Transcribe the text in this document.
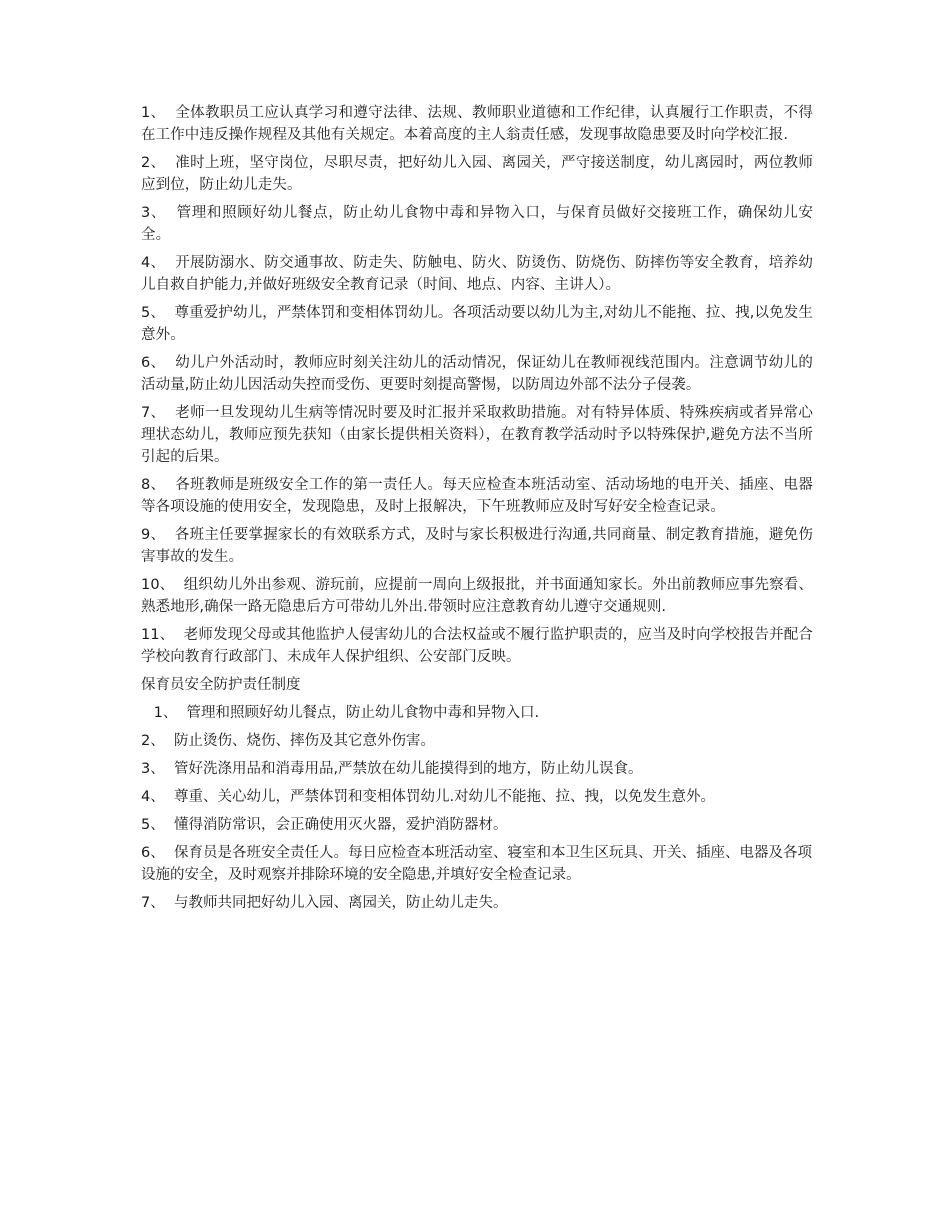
1、  全体教职员工应认真学习和遵守法律、法规、教师职业道德和工作纪律，认真履行工作职责，不得在工作中违反操作规程及其他有关规定。本着高度的主人翁责任感，发现事故隐患要及时向学校汇报.

2、  准时上班，坚守岗位，尽职尽责，把好幼儿入园、离园关，严守接送制度，幼儿离园时，两位教师应到位，防止幼儿走失。

3、  管理和照顾好幼儿餐点，防止幼儿食物中毒和异物入口，与保育员做好交接班工作，确保幼儿安全。

4、  开展防溺水、防交通事故、防走失、防触电、防火、防烫伤、防烧伤、防摔伤等安全教育，培养幼儿自救自护能力,并做好班级安全教育记录（时间、地点、内容、主讲人）。

5、  尊重爱护幼儿，严禁体罚和变相体罚幼儿。各项活动要以幼儿为主,对幼儿不能拖、拉、拽,以免发生意外。

6、  幼儿户外活动时，教师应时刻关注幼儿的活动情况，保证幼儿在教师视线范围内。注意调节幼儿的活动量,防止幼儿因活动失控而受伤、更要时刻提高警惕，以防周边外部不法分子侵袭。

7、  老师一旦发现幼儿生病等情况时要及时汇报并采取救助措施。对有特异体质、特殊疾病或者异常心理状态幼儿，教师应预先获知（由家长提供相关资料），在教育教学活动时予以特殊保护,避免方法不当所引起的后果。

8、  各班教师是班级安全工作的第一责任人。每天应检查本班活动室、活动场地的电开关、插座、电器等各项设施的使用安全，发现隐患，及时上报解决，下午班教师应及时写好安全检查记录。

9、  各班主任要掌握家长的有效联系方式，及时与家长积极进行沟通,共同商量、制定教育措施，避免伤害事故的发生。

10、  组织幼儿外出参观、游玩前，应提前一周向上级报批，并书面通知家长。外出前教师应事先察看、熟悉地形,确保一路无隐患后方可带幼儿外出.带领时应注意教育幼儿遵守交通规则.

11、  老师发现父母或其他监护人侵害幼儿的合法权益或不履行监护职责的，应当及时向学校报告并配合学校向教育行政部门、未成年人保护组织、公安部门反映。

保育员安全防护责任制度

1、  管理和照顾好幼儿餐点，防止幼儿食物中毒和异物入口.

2、  防止烫伤、烧伤、摔伤及其它意外伤害。

3、  管好洗涤用品和消毒用品,严禁放在幼儿能摸得到的地方，防止幼儿误食。

4、  尊重、关心幼儿，严禁体罚和变相体罚幼儿.对幼儿不能拖、拉、拽，以免发生意外。

5、  懂得消防常识，会正确使用灭火器，爱护消防器材。

6、  保育员是各班安全责任人。每日应检查本班活动室、寝室和本卫生区玩具、开关、插座、电器及各项设施的安全，及时观察并排除环境的安全隐患,并填好安全检查记录。

7、  与教师共同把好幼儿入园、离园关，防止幼儿走失。
